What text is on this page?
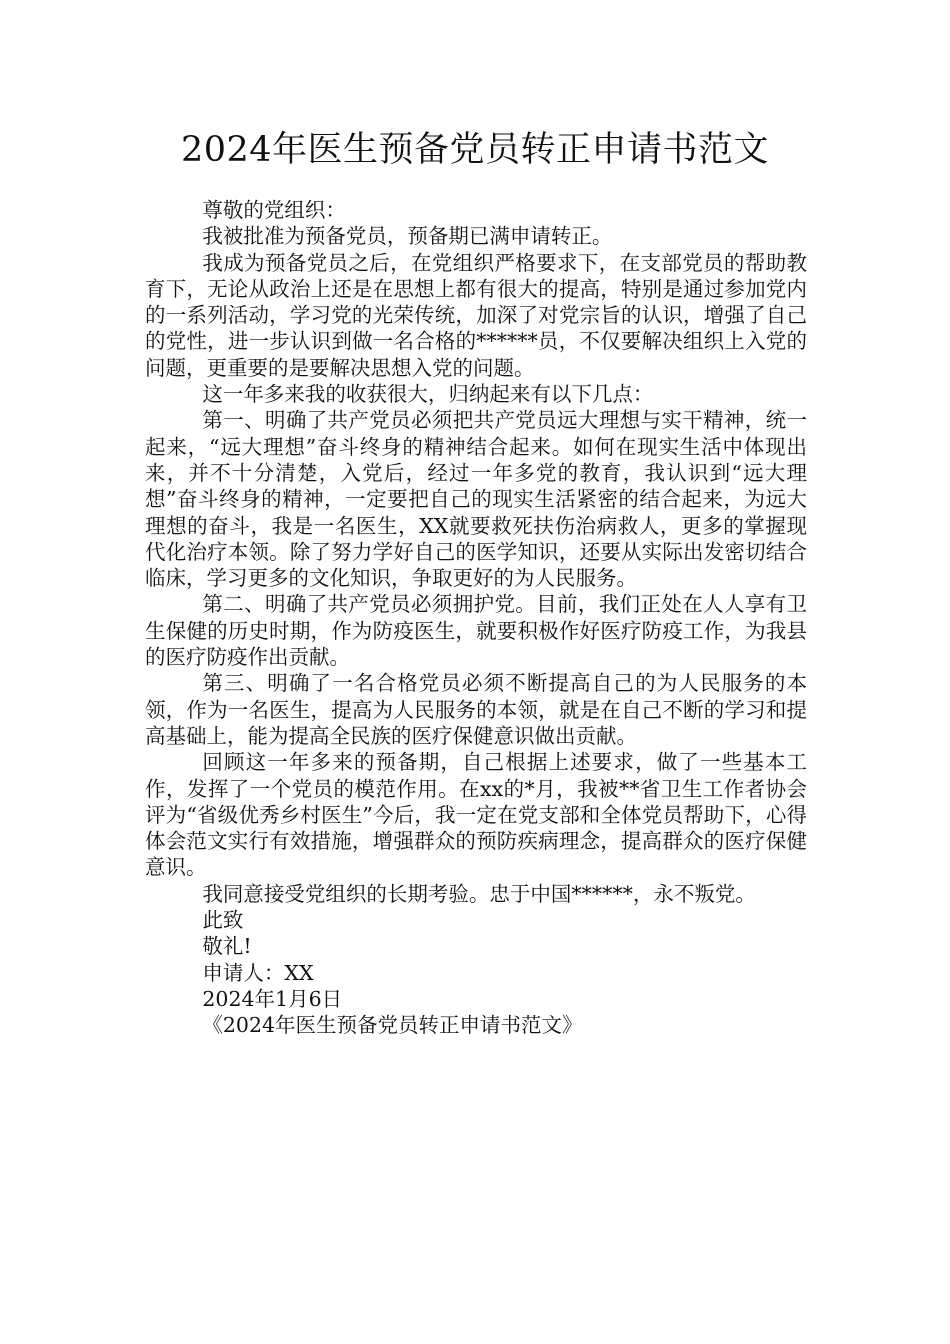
2024年医生预备党员转正申请书范文

尊敬的党组织：

我被批准为预备党员，预备期已满申请转正。

我成为预备党员之后，在党组织严格要求下，在支部党员的帮助教育下，无论从政治上还是在思想上都有很大的提高，特别是通过参加党内的一系列活动，学习党的光荣传统，加深了对党宗旨的认识，增强了自己的党性，进一步认识到做一名合格的******员，不仅要解决组织上入党的问题，更重要的是要解决思想入党的问题。

这一年多来我的收获很大，归纳起来有以下几点：

第一、明确了共产党员必须把共产党员远大理想与实干精神，统一起来，“远大理想”奋斗终身的精神结合起来。如何在现实生活中体现出来，并不十分清楚，入党后，经过一年多党的教育，我认识到“远大理想”奋斗终身的精神，一定要把自己的现实生活紧密的结合起来，为远大理想的奋斗，我是一名医生，XX就要救死扶伤治病救人，更多的掌握现代化治疗本领。除了努力学好自己的医学知识，还要从实际出发密切结合临床，学习更多的文化知识，争取更好的为人民服务。

第二、明确了共产党员必须拥护党。目前，我们正处在人人享有卫生保健的历史时期，作为防疫医生，就要积极作好医疗防疫工作，为我县的医疗防疫作出贡献。

第三、明确了一名合格党员必须不断提高自己的为人民服务的本领，作为一名医生，提高为人民服务的本领，就是在自己不断的学习和提高基础上，能为提高全民族的医疗保健意识做出贡献。

回顾这一年多来的预备期，自己根据上述要求，做了一些基本工作，发挥了一个党员的模范作用。在xx的*月，我被**省卫生工作者协会评为“省级优秀乡村医生”今后，我一定在党支部和全体党员帮助下，心得体会范文实行有效措施，增强群众的预防疾病理念，提高群众的医疗保健意识。

我同意接受党组织的长期考验。忠于中国******，永不叛党。

此致

敬礼!

申请人：XX

2024年1月6日

《2024年医生预备党员转正申请书范文》
